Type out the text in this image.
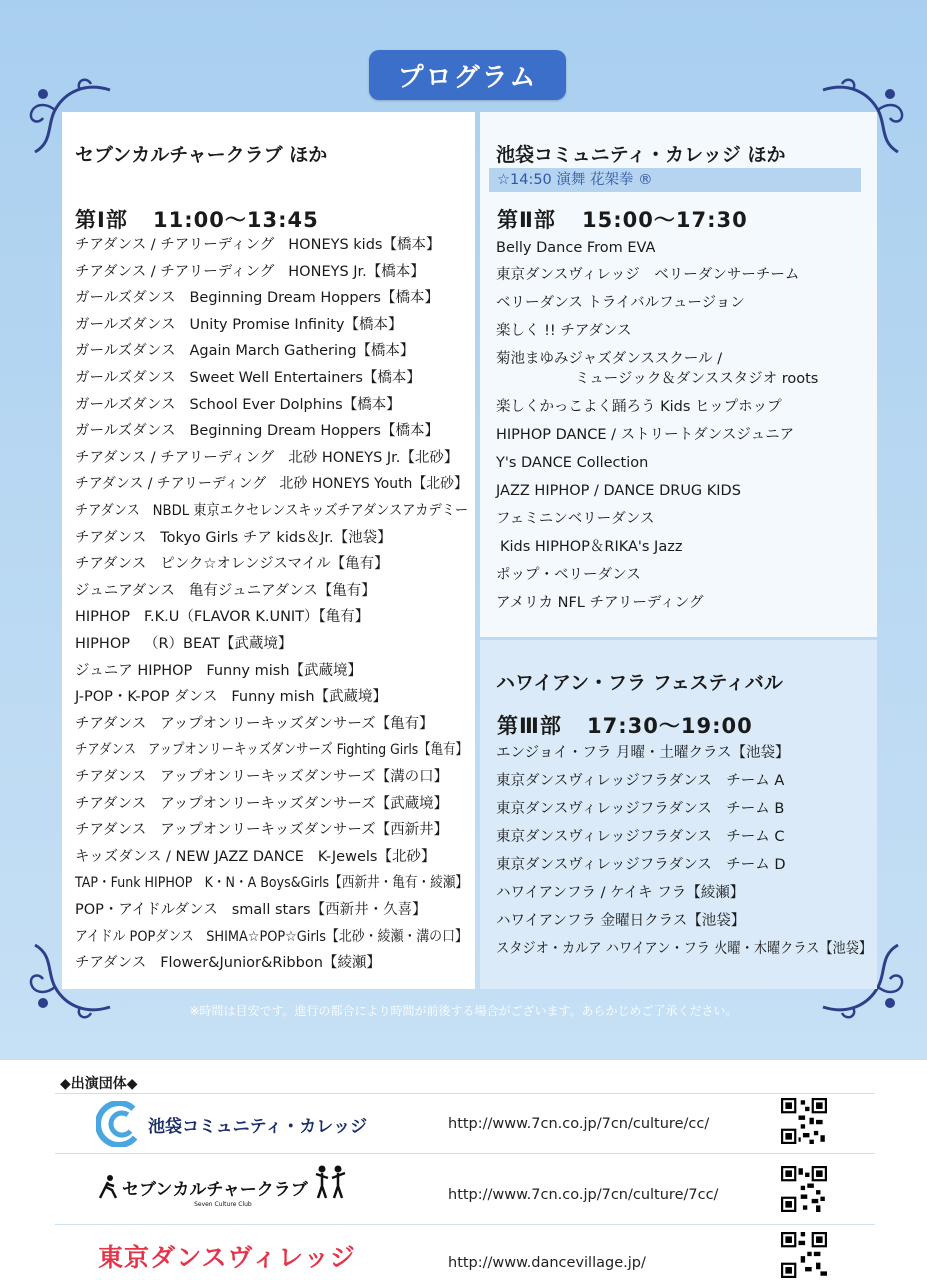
プログラム
セブンカルチャークラブ ほか
第Ⅰ部 11:00～13:45
チアダンス / チアリーディング HONEYS kids【橋本】
チアダンス / チアリーディング HONEYS Jr.【橋本】
ガールズダンス Beginning Dream Hoppers【橋本】
ガールズダンス Unity Promise Infinity【橋本】
ガールズダンス Again March Gathering【橋本】
ガールズダンス Sweet Well Entertainers【橋本】
ガールズダンス School Ever Dolphins【橋本】
ガールズダンス Beginning Dream Hoppers【橋本】
チアダンス / チアリーディング 北砂 HONEYS Jr.【北砂】
チアダンス / チアリーディング 北砂 HONEYS Youth【北砂】
チアダンス NBDL 東京エクセレンスキッズチアダンスアカデミー
チアダンス Tokyo Girls チア kids＆Jr.【池袋】
チアダンス ピンク☆オレンジスマイル【亀有】
ジュニアダンス 亀有ジュニアダンス【亀有】
HIPHOP F.K.U（FLAVOR K.UNIT）【亀有】
HIPHOP （R）BEAT【武蔵境】
ジュニア HIPHOP Funny mish【武蔵境】
J-POP・K-POP ダンス Funny mish【武蔵境】
チアダンス アップオンリーキッズダンサーズ【亀有】
チアダンス アップオンリーキッズダンサーズ Fighting Girls【亀有】
チアダンス アップオンリーキッズダンサーズ【溝の口】
チアダンス アップオンリーキッズダンサーズ【武蔵境】
チアダンス アップオンリーキッズダンサーズ【西新井】
キッズダンス / NEW JAZZ DANCE K-Jewels【北砂】
TAP・Funk HIPHOP K・N・A Boys&Girls【西新井・亀有・綾瀬】
POP・アイドルダンス small stars【西新井・久喜】
アイドル POPダンス SHIMA☆POP☆Girls【北砂・綾瀬・溝の口】
チアダンス Flower&Junior&Ribbon【綾瀬】
池袋コミュニティ・カレッジ ほか
☆14:50 演舞 花架拳 ®
第Ⅱ部 15:00～17:30
Belly Dance From EVA
東京ダンスヴィレッジ　ベリーダンサーチーム
ベリーダンス トライバルフュージョン
楽しく !! チアダンス
菊池まゆみジャズダンススクール /
ミュージック＆ダンススタジオ roots
楽しくかっこよく踊ろう Kids ヒップホップ
HIPHOP DANCE / ストリートダンスジュニア
Y's DANCE Collection
JAZZ HIPHOP / DANCE DRUG KIDS
フェミニンベリーダンス
Kids HIPHOP＆RIKA's Jazz
ポップ・ベリーダンス
アメリカ NFL チアリーディング
ハワイアン・フラ フェスティバル
第Ⅲ部 17:30～19:00
エンジョイ・フラ 月曜・土曜クラス【池袋】
東京ダンスヴィレッジフラダンス　チーム A
東京ダンスヴィレッジフラダンス　チーム B
東京ダンスヴィレッジフラダンス　チーム C
東京ダンスヴィレッジフラダンス　チーム D
ハワイアンフラ / ケイキ フラ【綾瀬】
ハワイアンフラ 金曜日クラス【池袋】
スタジオ・カルア ハワイアン・フラ 火曜・木曜クラス【池袋】
※時間は目安です。進行の都合により時間が前後する場合がございます。あらかじめご了承ください。
◆出演団体◆
池袋コミュニティ・カレッジ	http://www.7cn.co.jp/7cn/culture/cc/
セブンカルチャークラブ
Seven Culture Club
http://www.7cn.co.jp/7cn/culture/7cc/
東京ダンスヴィレッジ	http://www.dancevillage.jp/
